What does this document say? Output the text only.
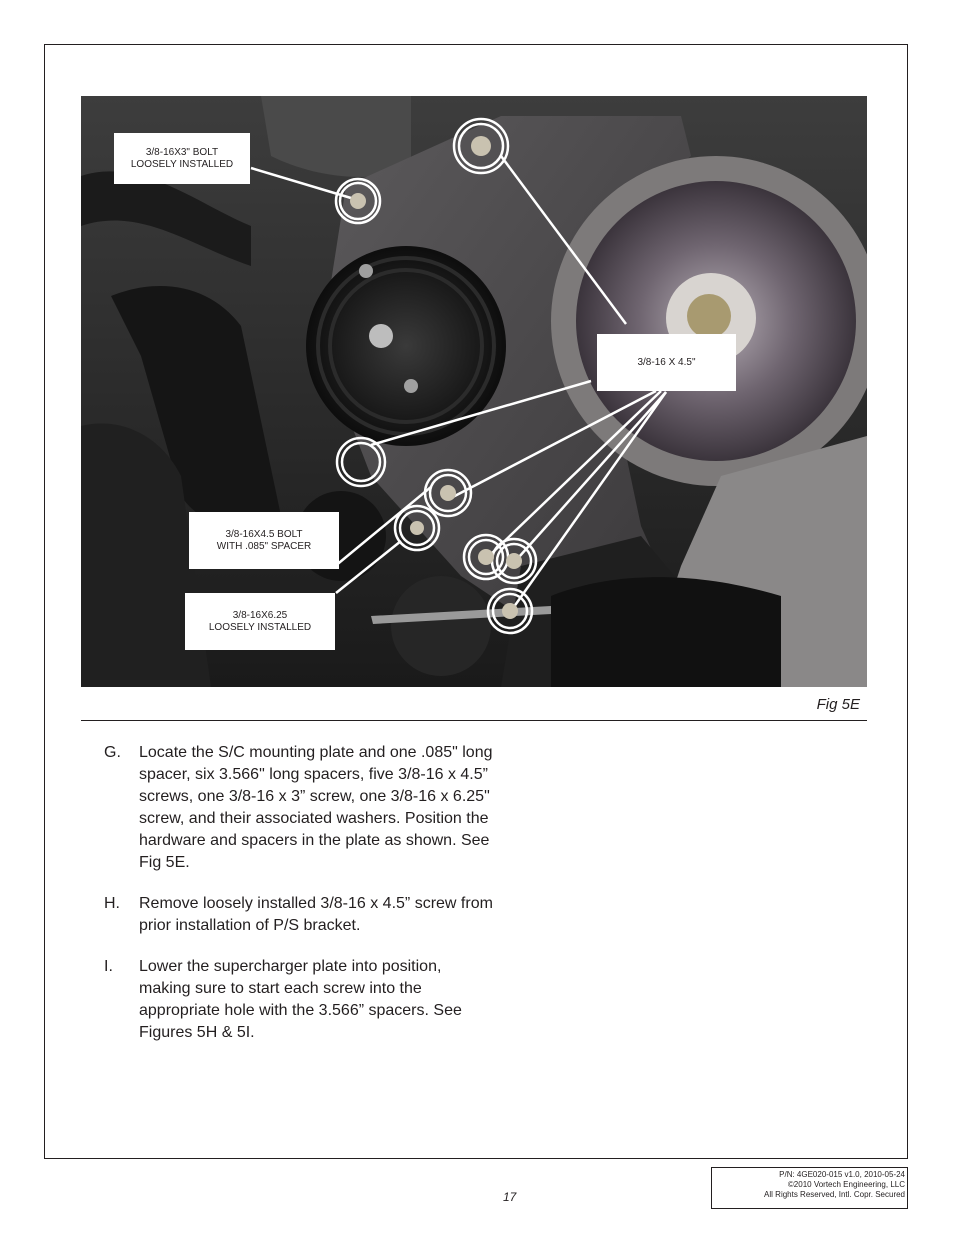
3/8-16X3" BOLT
LOOSELY INSTALLED
3/8-16 X 4.5"
3/8-16X4.5 BOLT
WITH .085" SPACER
3/8-16X6.25
LOOSELY INSTALLED
Fig 5E
G.	Locate the S/C mounting plate and one .085" long spacer, six 3.566" long spacers, five 3/8-16 x 4.5” screws, one 3/8-16 x 3” screw, one 3/8-16 x 6.25" screw, and their associated washers. Position the hardware and spacers in the plate as shown. See Fig 5E.
H.	Remove loosely installed 3/8-16 x 4.5” screw from prior installation of P/S bracket.
I.	Lower the supercharger plate into position, making sure to start each screw into the appropriate hole with the 3.566” spacers. See Figures 5H & 5I.
17
P/N: 4GE020-015 v1.0, 2010-05-24
©2010 Vortech Engineering, LLC
All Rights Reserved, Intl. Copr. Secured
